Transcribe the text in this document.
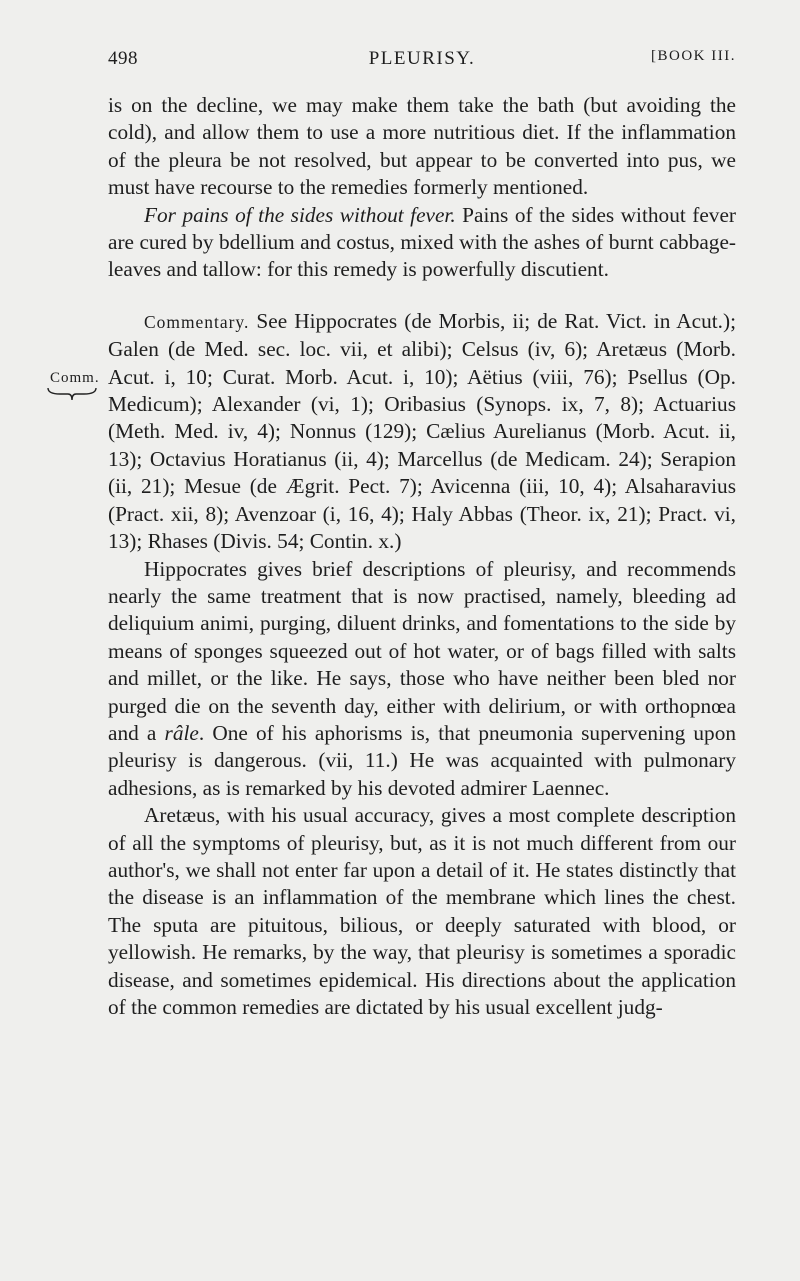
498	PLEURISY.	[BOOK III.
Comm.

is on the decline, we may make them take the bath (but avoiding the cold), and allow them to use a more nutritious diet. If the inflammation of the pleura be not resolved, but appear to be converted into pus, we must have recourse to the remedies formerly mentioned.

For pains of the sides without fever. Pains of the sides without fever are cured by bdellium and costus, mixed with the ashes of burnt cabbage-leaves and tallow: for this remedy is powerfully discutient.

Commentary. See Hippocrates (de Morbis, ii; de Rat. Vict. in Acut.); Galen (de Med. sec. loc. vii, et alibi); Celsus (iv, 6); Aretæus (Morb. Acut. i, 10; Curat. Morb. Acut. i, 10); Aëtius (viii, 76); Psellus (Op. Medicum); Alexander (vi, 1); Oribasius (Synops. ix, 7, 8); Actuarius (Meth. Med. iv, 4); Nonnus (129); Cælius Aurelianus (Morb. Acut. ii, 13); Octavius Horatianus (ii, 4); Marcellus (de Medicam. 24); Serapion (ii, 21); Mesue (de Ægrit. Pect. 7); Avicenna (iii, 10, 4); Alsaharavius (Pract. xii, 8); Avenzoar (i, 16, 4); Haly Abbas (Theor. ix, 21); Pract. vi, 13); Rhases (Divis. 54; Contin. x.)

Hippocrates gives brief descriptions of pleurisy, and recommends nearly the same treatment that is now practised, namely, bleeding ad deliquium animi, purging, diluent drinks, and fomentations to the side by means of sponges squeezed out of hot water, or of bags filled with salts and millet, or the like. He says, those who have neither been bled nor purged die on the seventh day, either with delirium, or with orthopnœa and a râle. One of his aphorisms is, that pneumonia supervening upon pleurisy is dangerous. (vii, 11.) He was acquainted with pulmonary adhesions, as is remarked by his devoted admirer Laennec.

Aretæus, with his usual accuracy, gives a most complete description of all the symptoms of pleurisy, but, as it is not much different from our author's, we shall not enter far upon a detail of it. He states distinctly that the disease is an inflammation of the membrane which lines the chest. The sputa are pituitous, bilious, or deeply saturated with blood, or yellowish. He remarks, by the way, that pleurisy is sometimes a sporadic disease, and sometimes epidemical. His directions about the application of the common remedies are dictated by his usual excellent judg-
